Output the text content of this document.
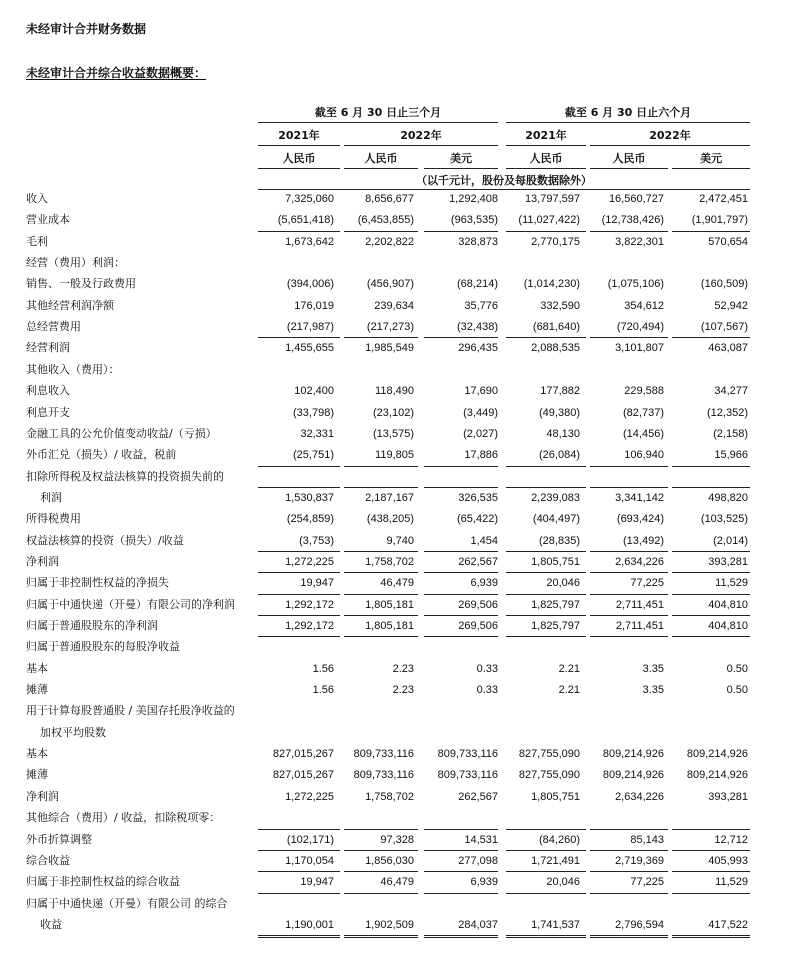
未经审计合并财务数据
未经审计合并综合收益数据概要：
截至 6 月 30 日止三个月	截至 6 月 30 日止六个月
2021年	2022年	2021年	2022年
人民币	人民币	美元	人民币	人民币	美元
（以千元计，股份及每股数据除外）
收入	7,325,060	8,656,677	1,292,408	13,797,597	16,560,727	2,472,451
营业成本	(5,651,418)	(6,453,855)	(963,535)	(11,027,422)	(12,738,426)	(1,901,797)
毛利	1,673,642	2,202,822	328,873	2,770,175	3,822,301	570,654
经营（费用）利润：
销售、一般及行政费用	(394,006)	(456,907)	(68,214)	(1,014,230)	(1,075,106)	(160,509)
其他经营利润净额	176,019	239,634	35,776	332,590	354,612	52,942
总经营费用	(217,987)	(217,273)	(32,438)	(681,640)	(720,494)	(107,567)
经营利润	1,455,655	1,985,549	296,435	2,088,535	3,101,807	463,087
其他收入（费用）：
利息收入	102,400	118,490	17,690	177,882	229,588	34,277
利息开支	(33,798)	(23,102)	(3,449)	(49,380)	(82,737)	(12,352)
金融工具的公允价值变动收益/（亏损）	32,331	(13,575)	(2,027)	48,130	(14,456)	(2,158)
外币汇兑（损失）/ 收益，税前	(25,751)	119,805	17,886	(26,084)	106,940	15,966
扣除所得税及权益法核算的投资损失前的
利润	1,530,837	2,187,167	326,535	2,239,083	3,341,142	498,820
所得税费用	(254,859)	(438,205)	(65,422)	(404,497)	(693,424)	(103,525)
权益法核算的投资（损失）/收益	(3,753)	9,740	1,454	(28,835)	(13,492)	(2,014)
净利润	1,272,225	1,758,702	262,567	1,805,751	2,634,226	393,281
归属于非控制性权益的净损失	19,947	46,479	6,939	20,046	77,225	11,529
归属于中通快递（开曼）有限公司的净利润	1,292,172	1,805,181	269,506	1,825,797	2,711,451	404,810
归属于普通股股东的净利润	1,292,172	1,805,181	269,506	1,825,797	2,711,451	404,810
归属于普通股股东的每股净收益
基本	1.56	2.23	0.33	2.21	3.35	0.50
摊薄	1.56	2.23	0.33	2.21	3.35	0.50
用于计算每股普通股 / 美国存托股净收益的
加权平均股数
基本	827,015,267	809,733,116	809,733,116	827,755,090	809,214,926	809,214,926
摊薄	827,015,267	809,733,116	809,733,116	827,755,090	809,214,926	809,214,926
净利润	1,272,225	1,758,702	262,567	1,805,751	2,634,226	393,281
其他综合（费用）/ 收益，扣除税项零：
外币折算调整	(102,171)	97,328	14,531	(84,260)	85,143	12,712
综合收益	1,170,054	1,856,030	277,098	1,721,491	2,719,369	405,993
归属于非控制性权益的综合收益	19,947	46,479	6,939	20,046	77,225	11,529
归属于中通快递（开曼）有限公司 的综合
收益	1,190,001	1,902,509	284,037	1,741,537	2,796,594	417,522
